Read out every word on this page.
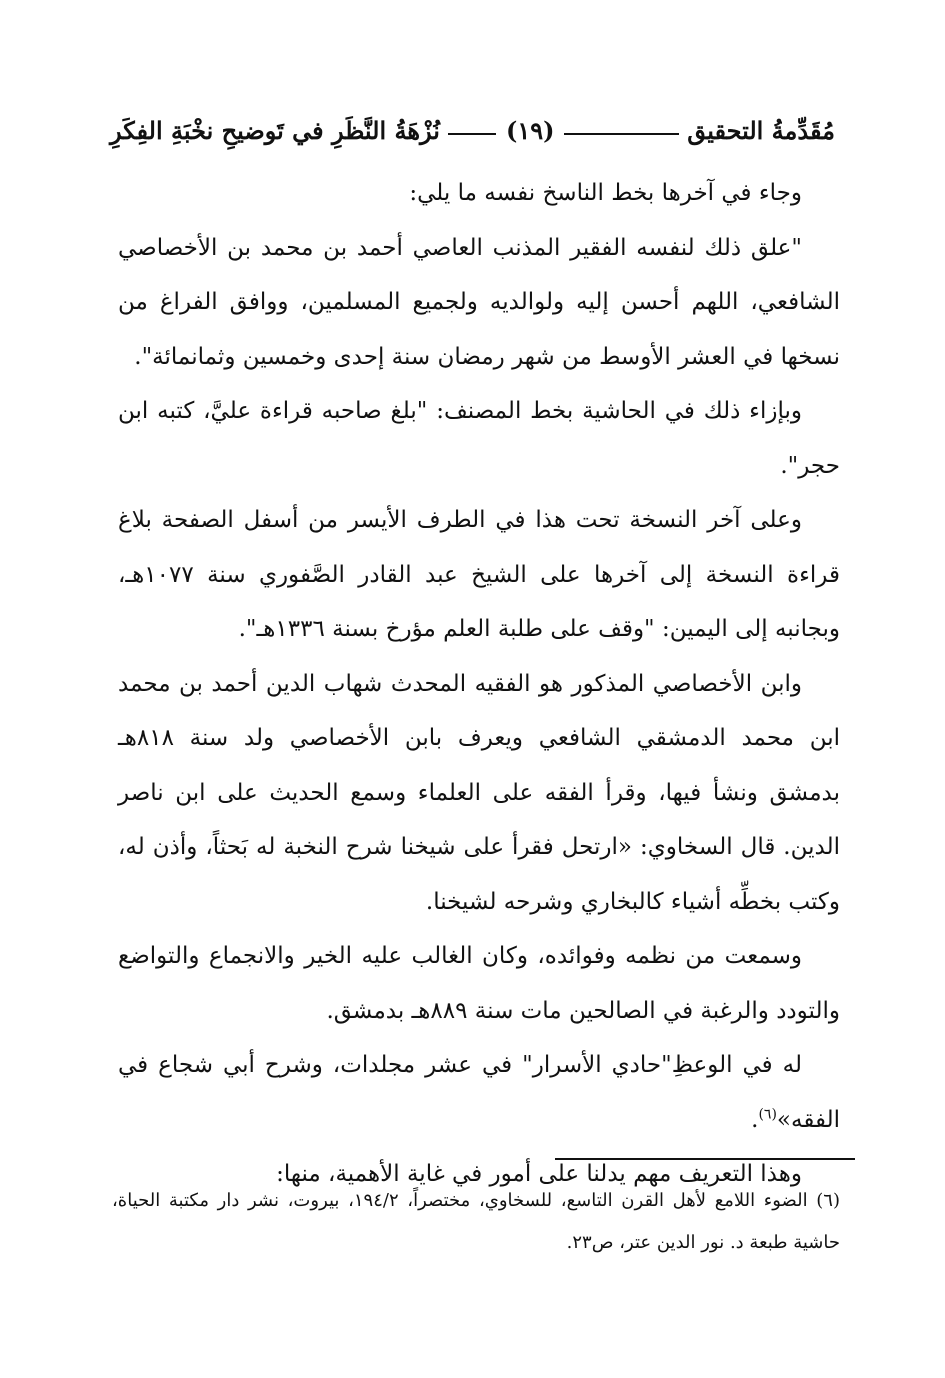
مُقَدِّمةُ التحقيق
(١٩)
نُزْهَةُ النَّظَرِ في تَوضيحِ نخْبَةِ الفِكَرِ

وجاء في آخرها بخط الناسخ نفسه ما يلي:

"علق ذلك لنفسه الفقير المذنب العاصي أحمد بن محمد بن الأخصاصي الشافعي، اللهم أحسن إليه ولوالديه ولجميع المسلمين، ووافق الفراغ من نسخها في العشر الأوسط من شهر رمضان سنة إحدى وخمسين وثمانمائة".

وبإزاء ذلك في الحاشية بخط المصنف: "بلغ صاحبه قراءة عليَّ، كتبه ابن حجر".

وعلى آخر النسخة تحت هذا في الطرف الأيسر من أسفل الصفحة بلاغ قراءة النسخة إلى آخرها على الشيخ عبد القادر الصَّفوري سنة ١٠٧٧هـ، وبجانبه إلى اليمين: "وقف على طلبة العلم مؤرخ بسنة ١٣٣٦هـ".

وابن الأخصاصي المذكور هو الفقيه المحدث شهاب الدين أحمد بن محمد ابن محمد الدمشقي الشافعي ويعرف بابن الأخصاصي ولد سنة ٨١٨هـ بدمشق ونشأ فيها، وقرأ الفقه على العلماء وسمع الحديث على ابن ناصر الدين. قال السخاوي: «ارتحل فقرأ على شيخنا شرح النخبة له بَحثاً، وأذن له، وكتب بخطِّه أشياء كالبخاري وشرحه لشيخنا.

وسمعت من نظمه وفوائده، وكان الغالب عليه الخير والانجماع والتواضع والتودد والرغبة في الصالحين مات سنة ٨٨٩هـ بدمشق.

له في الوعظِ"حادي الأسرار" في عشر مجلدات، وشرح أبي شجاع في الفقه»$^{(٦)}$.

وهذا التعريف مهم يدلنا على أمور في غاية الأهمية، منها:

(٦) الضوء اللامع لأهل القرن التاسع، للسخاوي، مختصراً، ١٩٤/٢، بيروت، نشر دار مكتبة الحياة، حاشية طبعة د. نور الدين عتر، ص٢٣.
